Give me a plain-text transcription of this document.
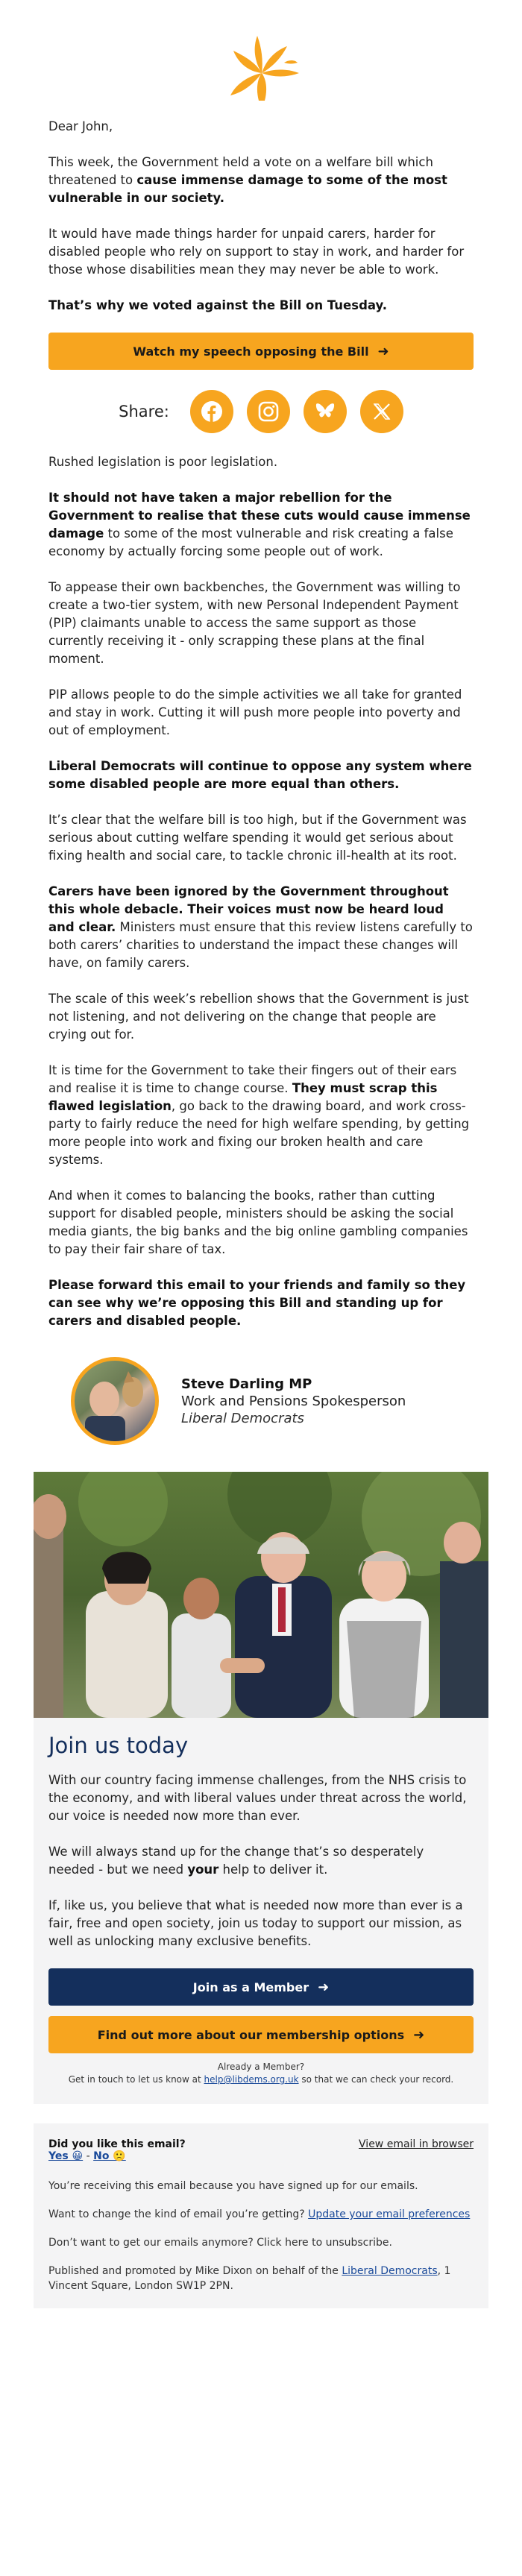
Dear John,

This week, the Government held a vote on a welfare bill which threatened to cause immense damage to some of the most vulnerable in our society.

It would have made things harder for unpaid carers, harder for disabled people who rely on support to stay in work, and harder for those whose disabilities mean they may never be able to work.

That’s why we voted against the Bill on Tuesday.

Watch my speech opposing the Bill ➜
Share:

Rushed legislation is poor legislation.

It should not have taken a major rebellion for the Government to realise that these cuts would cause immense damage to some of the most vulnerable and risk creating a false economy by actually forcing some people out of work.

To appease their own backbenches, the Government was willing to create a two-tier system, with new Personal Independent Payment (PIP) claimants unable to access the same support as those currently receiving it - only scrapping these plans at the final moment.

PIP allows people to do the simple activities we all take for granted and stay in work. Cutting it will push more people into poverty and out of employment.

Liberal Democrats will continue to oppose any system where some disabled people are more equal than others.

It’s clear that the welfare bill is too high, but if the Government was serious about cutting welfare spending it would get serious about fixing health and social care, to tackle chronic ill-health at its root.

Carers have been ignored by the Government throughout this whole debacle. Their voices must now be heard loud and clear. Ministers must ensure that this review listens carefully to both carers’ charities to understand the impact these changes will have, on family carers.

The scale of this week’s rebellion shows that the Government is just not listening, and not delivering on the change that people are crying out for.

It is time for the Government to take their fingers out of their ears and realise it is time to change course. They must scrap this flawed legislation, go back to the drawing board, and work cross-party to fairly reduce the need for high welfare spending, by getting more people into work and fixing our broken health and care systems.

And when it comes to balancing the books, rather than cutting support for disabled people, ministers should be asking the social media giants, the big banks and the big online gambling companies to pay their fair share of tax.

Please forward this email to your friends and family so they can see why we’re opposing this Bill and standing up for carers and disabled people.

Steve Darling MP
Work and Pensions Spokesperson
Liberal Democrats
Join us today

With our country facing immense challenges, from the NHS crisis to the economy, and with liberal values under threat across the world, our voice is needed now more than ever.

We will always stand up for the change that’s so desperately needed - but we need your help to deliver it.

If, like us, you believe that what is needed now more than ever is a fair, free and open society, join us today to support our mission, as well as unlocking many exclusive benefits.

Join as a Member ➜
Find out more about our membership options ➜
Already a Member?
Get in touch to let us know at help@libdems.org.uk so that we can check your record.
Did you like this email?
Yes 😀 - No 🙁
View email in browser

You’re receiving this email because you have signed up for our emails.

Want to change the kind of email you’re getting? Update your email preferences

Don’t want to get our emails anymore? Click here to unsubscribe.

Published and promoted by Mike Dixon on behalf of the Liberal Democrats, 1 Vincent Square, London SW1P 2PN.
